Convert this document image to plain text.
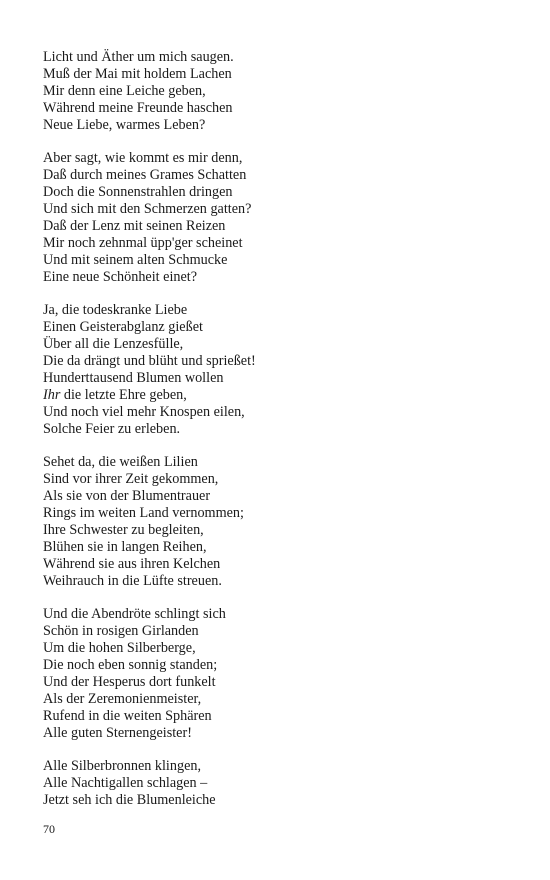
Licht und Äther um mich saugen.
Muß der Mai mit holdem Lachen
Mir denn eine Leiche geben,
Während meine Freunde haschen
Neue Liebe, warmes Leben?
Aber sagt, wie kommt es mir denn,
Daß durch meines Grames Schatten
Doch die Sonnenstrahlen dringen
Und sich mit den Schmerzen gatten?
Daß der Lenz mit seinen Reizen
Mir noch zehnmal üpp'ger scheinet
Und mit seinem alten Schmucke
Eine neue Schönheit einet?
Ja, die todeskranke Liebe
Einen Geisterabglanz gießet
Über all die Lenzesfülle,
Die da drängt und blüht und sprießet!
Hunderttausend Blumen wollen
Ihr die letzte Ehre geben,
Und noch viel mehr Knospen eilen,
Solche Feier zu erleben.
Sehet da, die weißen Lilien
Sind vor ihrer Zeit gekommen,
Als sie von der Blumentrauer
Rings im weiten Land vernommen;
Ihre Schwester zu begleiten,
Blühen sie in langen Reihen,
Während sie aus ihren Kelchen
Weihrauch in die Lüfte streuen.
Und die Abendröte schlingt sich
Schön in rosigen Girlanden
Um die hohen Silberberge,
Die noch eben sonnig standen;
Und der Hesperus dort funkelt
Als der Zeremonienmeister,
Rufend in die weiten Sphären
Alle guten Sternengeister!
Alle Silberbronnen klingen,
Alle Nachtigallen schlagen –
Jetzt seh ich die Blumenleiche
70
